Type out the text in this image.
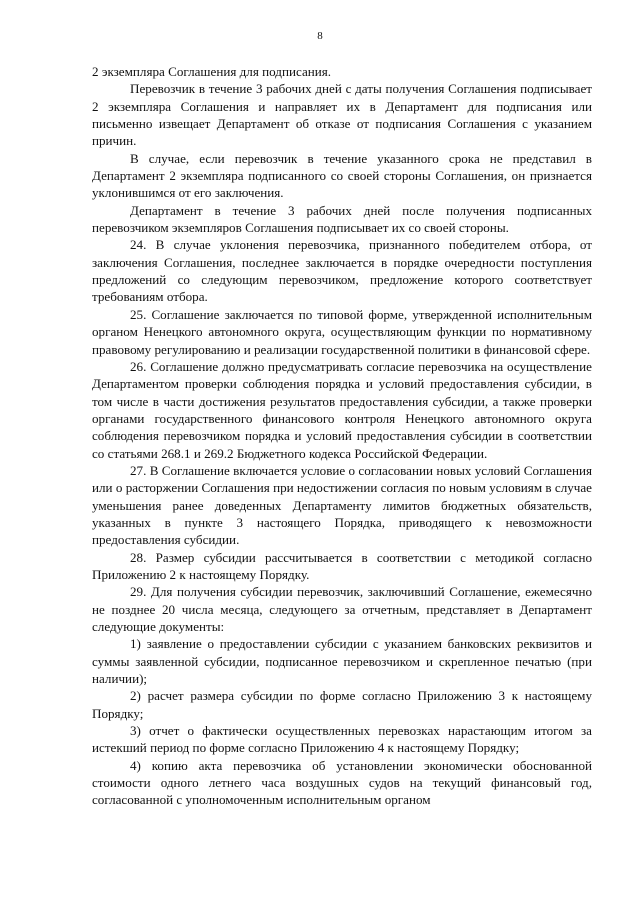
8

2 экземпляра Соглашения для подписания.

Перевозчик в течение 3 рабочих дней с даты получения Соглашения подписывает 2 экземпляра Соглашения и направляет их в Департамент для подписания или письменно извещает Департамент об отказе от подписания Соглашения с указанием причин.

В случае, если перевозчик в течение указанного срока не представил в Департамент 2 экземпляра подписанного со своей стороны Соглашения, он признается уклонившимся от его заключения.

Департамент в течение 3 рабочих дней после получения подписанных перевозчиком экземпляров Соглашения подписывает их со своей стороны.

24. В случае уклонения перевозчика, признанного победителем отбора, от заключения Соглашения, последнее заключается в порядке очередности поступления предложений со следующим перевозчиком, предложение которого соответствует требованиям отбора.

25. Соглашение заключается по типовой форме, утвержденной исполнительным органом Ненецкого автономного округа, осуществляющим функции по нормативному правовому регулированию и реализации государственной политики в финансовой сфере.

26. Соглашение должно предусматривать согласие перевозчика на осуществление Департаментом проверки соблюдения порядка и условий предоставления субсидии, в том числе в части достижения результатов предоставления субсидии, а также проверки органами государственного финансового контроля Ненецкого автономного округа соблюдения перевозчиком порядка и условий предоставления субсидии в соответствии со статьями 268.1 и 269.2 Бюджетного кодекса Российской Федерации.

27. В Соглашение включается условие о согласовании новых условий Соглашения или о расторжении Соглашения при недостижении согласия по новым условиям в случае уменьшения ранее доведенных Департаменту лимитов бюджетных обязательств, указанных в пункте 3 настоящего Порядка, приводящего к невозможности предоставления субсидии.

28. Размер субсидии рассчитывается в соответствии с методикой согласно Приложению 2 к настоящему Порядку.

29. Для получения субсидии перевозчик, заключивший Соглашение, ежемесячно не позднее 20 числа месяца, следующего за отчетным, представляет в Департамент следующие документы:

1) заявление о предоставлении субсидии с указанием банковских реквизитов и суммы заявленной субсидии, подписанное перевозчиком и скрепленное печатью (при наличии);

2) расчет размера субсидии по форме согласно Приложению 3 к настоящему Порядку;

3) отчет о фактически осуществленных перевозках нарастающим итогом за истекший период по форме согласно Приложению 4 к настоящему Порядку;

4) копию акта перевозчика об установлении экономически обоснованной стоимости одного летнего часа воздушных судов на текущий финансовый год, согласованной с уполномоченным исполнительным органом
